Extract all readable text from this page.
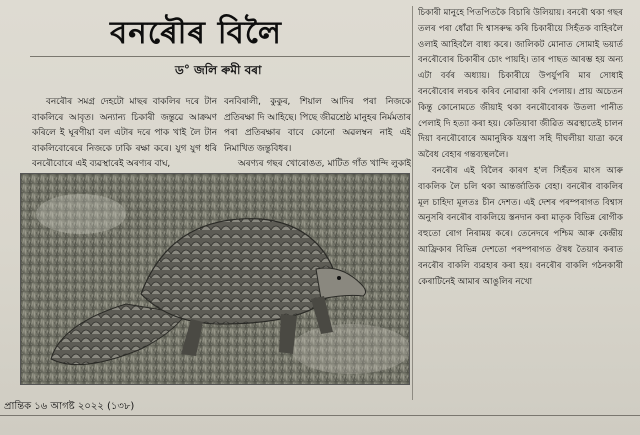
বনৰৌৰ বিলৈ
ড° জলি ৰুমী বৰা

বনৰৌৰ সমগ্ৰ দেহটো মাছৰ বাকলিৰ দৰে টান বাকলিৰে আবৃত। অন্যান্য চিকাৰী জন্তুৱে আক্ৰমণ কৰিলে ই ঘূৰণীয়া বল এটাৰ দৰে পাক খাই লৈ টান বাকলিবোৰেৰে নিজকে ঢাকি ৰক্ষা কৰে। যুগ যুগ ধৰি বনৰৌবোৰে এই ব্যৱস্থাৰেই অৰণ্যৰ বাঘ,

বনবিৰালী, কুকুৰ, শিয়াল আদিৰ পৰা নিজকে প্ৰতিৰক্ষা দি আহিছে। পিছে জীৱশ্ৰেষ্ঠ মানুহৰ নিৰ্মমতাৰ পৰা প্ৰতিৰক্ষাৰ বাবে কোনো অৱলম্বন নাই এই নিমাখিত জন্তুবিধৰ।

অৰণ্যৰ গছৰ খোৰোঙত, মাটিত গাঁত খান্দি লুকাই

চিকাৰী মানুহে পিতপিতকৈ বিচাৰি উলিয়ায়। বনৰৌ থকা গছৰ তলৰ পৰা ধোঁৱা দি শ্বাসৰুদ্ধ কৰি চিকাৰীয়ে সিহঁতক বাহিৰলৈ ওলাই আহিবলৈ বাধ্য কৰে। জালিকট মোনাত সোমাই ভয়াৰ্ত বনৰৌবোৰ চিকাৰীৰ চোং পায়হি। তাৰ পাছত আৰম্ভ হয় অন্য এটা বৰ্বৰ অধ্যায়। চিকাৰীয়ে উপৰ্যুপৰি মাৰ সোধাই বনৰৌবোৰ লৰচৰ কৰিব নোৱাৰা কৰি পেলায়। প্ৰায় অচেতন কিন্তু কোনোমতে জীয়াই থকা বনৰৌবোৰক উতলা পানীত পেলাই দি হত্যা কৰা হয়। কেতিয়াবা জীৱিত অৱস্থাতেই চালন দিয়া বনৰৌবোৰে অমানুষিক যন্ত্ৰণা সহি দীঘলীয়া যাত্ৰা কৰে অবৈধ বেহাৰ গন্তব্যস্থললৈ।

বনৰৌৰ এই বিলৈৰ কাৰণ হ'ল সিহঁতৰ মাংস আৰু বাকলিক লৈ চলি থকা আন্তৰ্জাতিক বেহা। বনৰৌৰ বাকলিৰ মূল চাহিদা মূলতঃ চীন দেশত। এই দেশৰ পৰম্পৰাগত বিশ্বাস অনুসৰি বনৰৌৰ বাকলিয়ে স্তনদান কৰা মাতৃক বিভিন্ন ৰোগীক বহুতো ৰোগ নিৰাময় কৰে। তেনেদৰে পশ্চিম আৰু কেন্দ্ৰীয় আফ্ৰিকাৰ বিভিন্ন দেশতো পৰম্পৰাগত ঔষধ তৈয়াৰ কৰাত বনৰৌৰ বাকলি ব্যৱহাৰ কৰা হয়। বনৰৌৰ বাকলি গঠনকাৰী কেৰাটিনেই আমাৰ আঙুলিৰ নখো

প্ৰান্তিক ১৬ আগষ্ট ২০২২ (১৩৮)
